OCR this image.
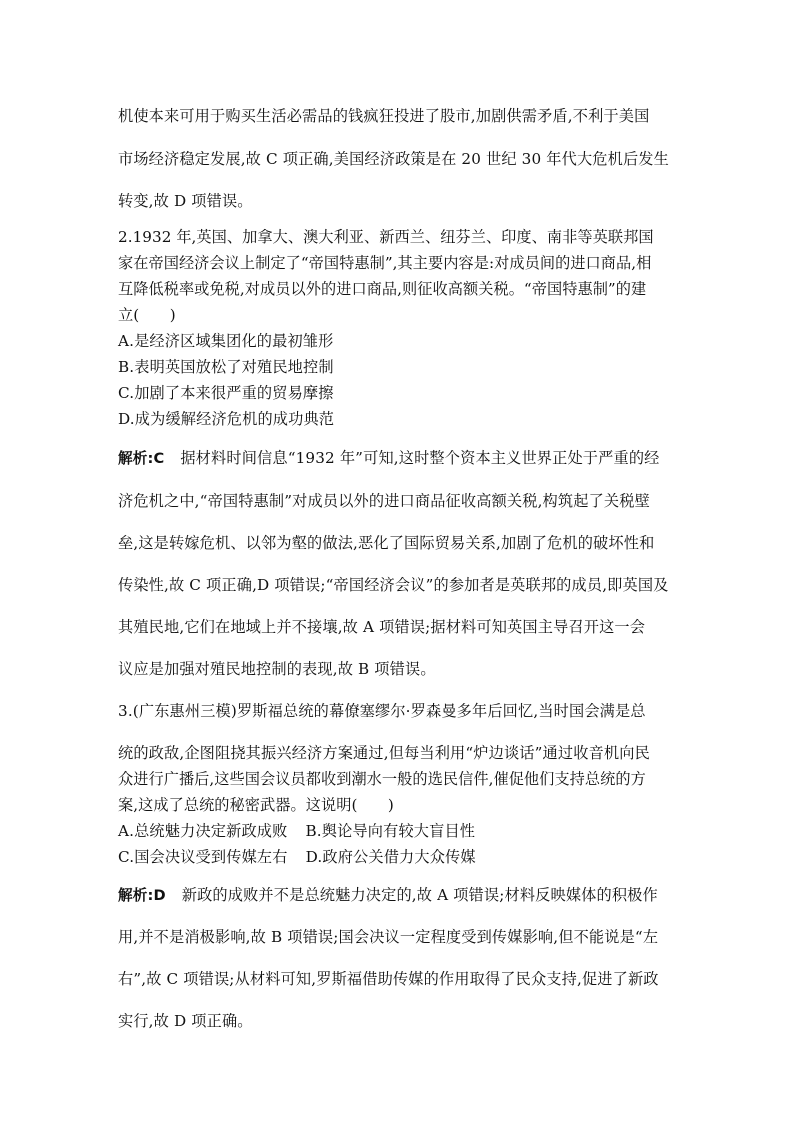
机使本来可用于购买生活必需品的钱疯狂投进了股市,加剧供需矛盾,不利于美国
市场经济稳定发展,故 C 项正确,美国经济政策是在 20 世纪 30 年代大危机后发生
转变,故 D 项错误。
2.1932 年,英国、加拿大、澳大利亚、新西兰、纽芬兰、印度、南非等英联邦国
家在帝国经济会议上制定了“帝国特惠制”,其主要内容是:对成员间的进口商品,相
互降低税率或免税,对成员以外的进口商品,则征收高额关税。“帝国特惠制”的建
立(　　)
A.是经济区域集团化的最初雏形
B.表明英国放松了对殖民地控制
C.加剧了本来很严重的贸易摩擦
D.成为缓解经济危机的成功典范
解析:C 据材料时间信息“1932 年”可知,这时整个资本主义世界正处于严重的经
济危机之中,“帝国特惠制”对成员以外的进口商品征收高额关税,构筑起了关税壁
垒,这是转嫁危机、以邻为壑的做法,恶化了国际贸易关系,加剧了危机的破坏性和
传染性,故 C 项正确,D 项错误;“帝国经济会议”的参加者是英联邦的成员,即英国及
其殖民地,它们在地域上并不接壤,故 A 项错误;据材料可知英国主导召开这一会
议应是加强对殖民地控制的表现,故 B 项错误。
3.(广东惠州三模)罗斯福总统的幕僚塞缪尔·罗森曼多年后回忆,当时国会满是总
统的政敌,企图阻挠其振兴经济方案通过,但每当利用“炉边谈话”通过收音机向民
众进行广播后,这些国会议员都收到潮水一般的选民信件,催促他们支持总统的方
案,这成了总统的秘密武器。这说明(　　)
A.总统魅力决定新政成败 B.舆论导向有较大盲目性
C.国会决议受到传媒左右 D.政府公关借力大众传媒
解析:D 新政的成败并不是总统魅力决定的,故 A 项错误;材料反映媒体的积极作
用,并不是消极影响,故 B 项错误;国会决议一定程度受到传媒影响,但不能说是“左
右”,故 C 项错误;从材料可知,罗斯福借助传媒的作用取得了民众支持,促进了新政
实行,故 D 项正确。
